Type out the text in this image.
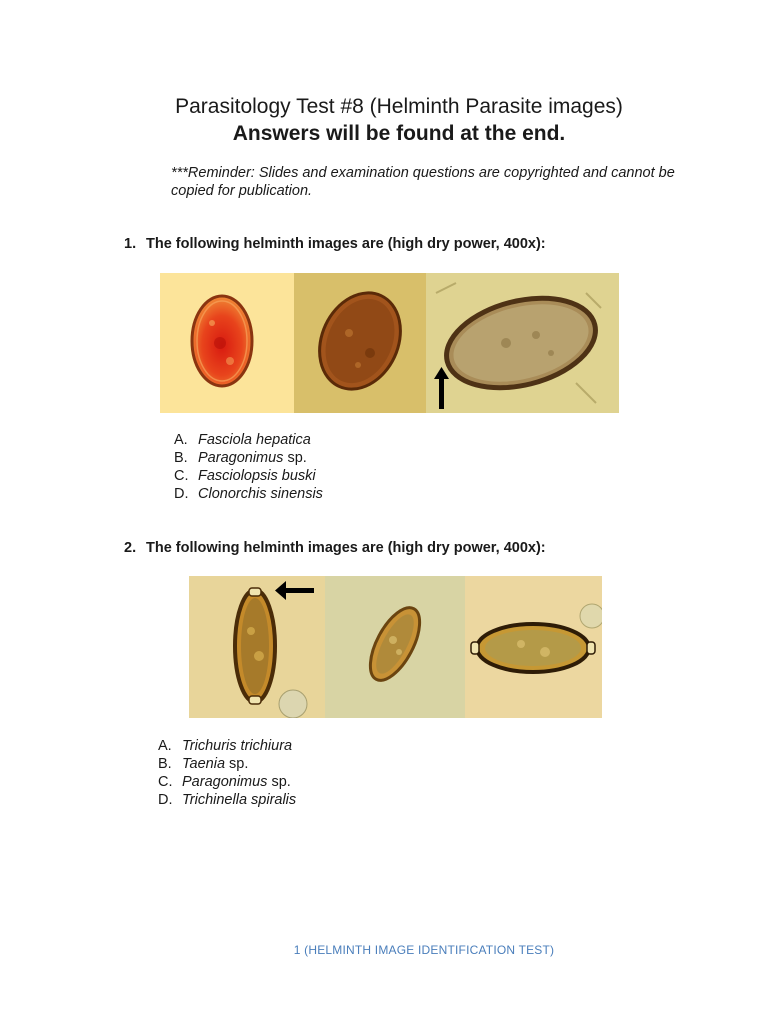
Parasitology Test #8 (Helminth Parasite images)
Answers will be found at the end.
***Reminder: Slides and examination questions are copyrighted and cannot be copied for publication.
1. The following helminth images are (high dry power, 400x):
A. Fasciola hepatica
B. Paragonimus sp.
C. Fasciolopsis buski
D. Clonorchis sinensis
2. The following helminth images are (high dry power, 400x):
A. Trichuris trichiura
B. Taenia sp.
C. Paragonimus sp.
D. Trichinella spiralis
1 (HELMINTH IMAGE IDENTIFICATION TEST)
